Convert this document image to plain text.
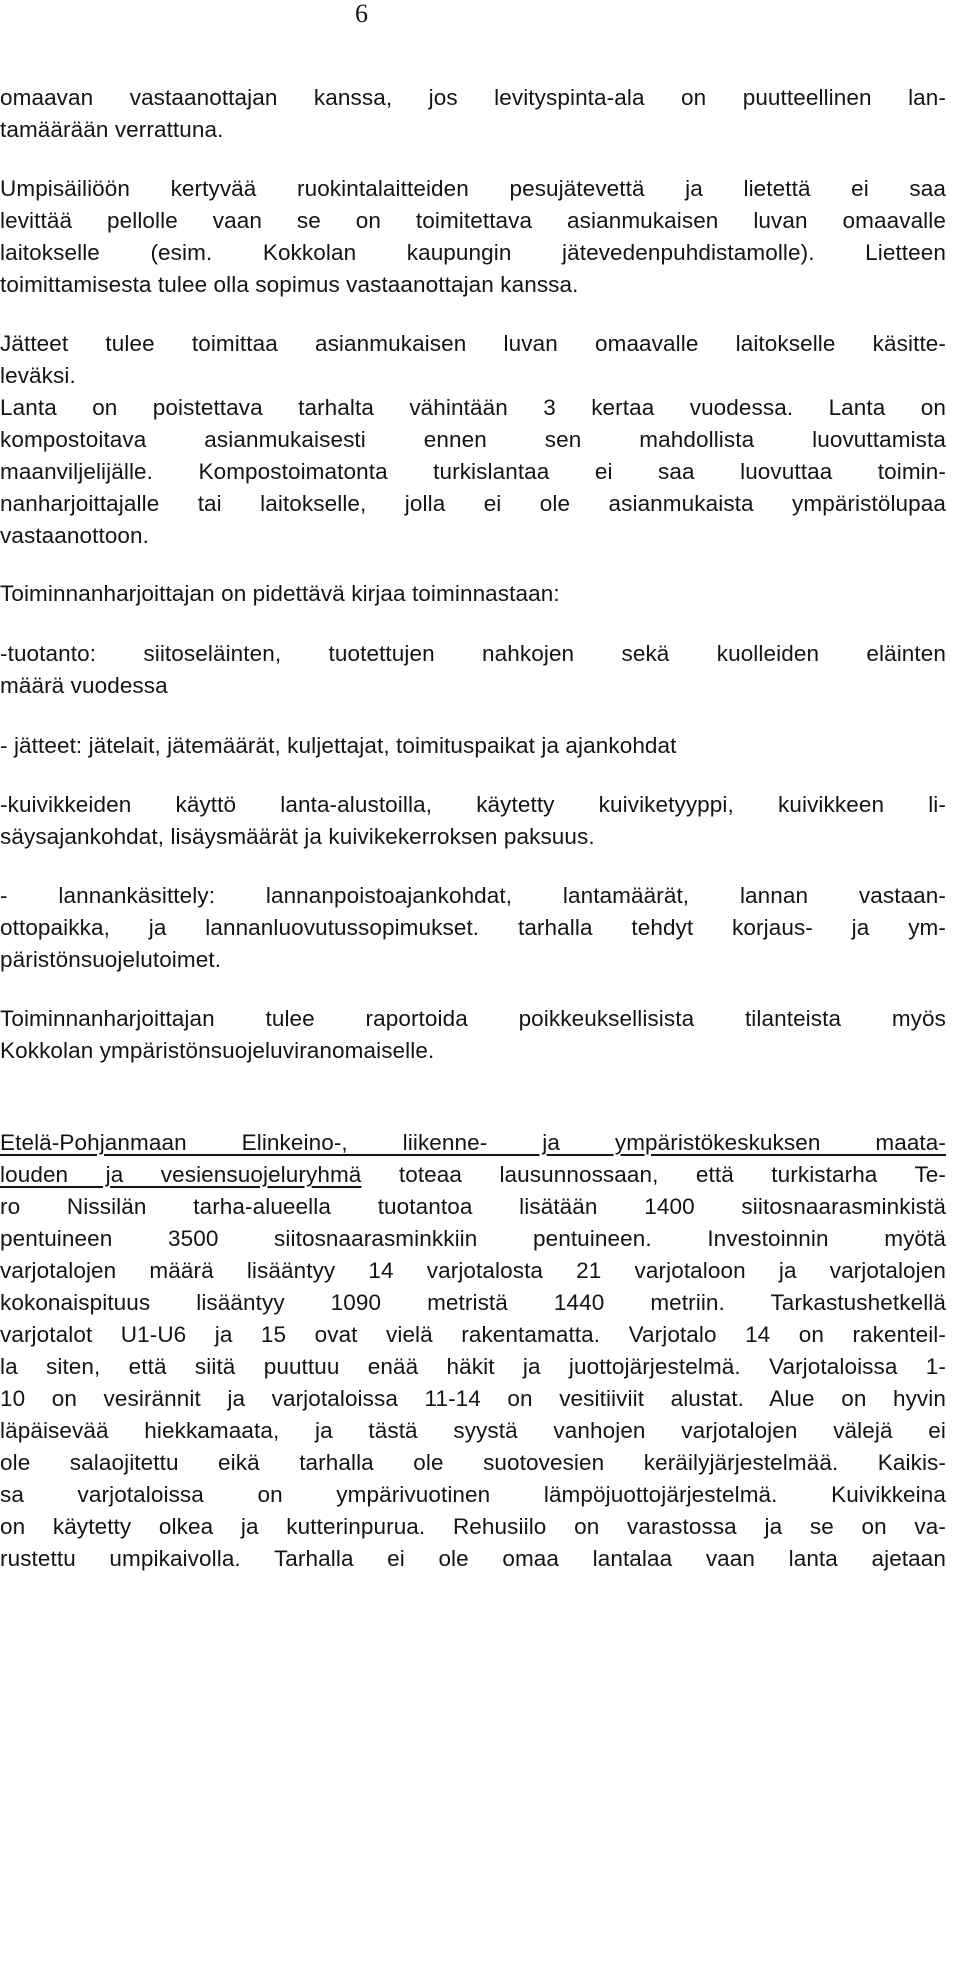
6
omaavan vastaanottajan kanssa, jos levityspinta-ala on puutteellinen lan-
tamäärään verrattuna.
Umpisäiliöön kertyvää ruokintalaitteiden pesujätevettä ja lietettä ei saa
levittää pellolle vaan se on toimitettava asianmukaisen luvan omaavalle
laitokselle (esim. Kokkolan kaupungin jätevedenpuhdistamolle). Lietteen
toimittamisesta tulee olla sopimus vastaanottajan kanssa.
Jätteet tulee toimittaa asianmukaisen luvan omaavalle laitokselle käsitte-
leväksi.
Lanta on poistettava tarhalta vähintään 3 kertaa vuodessa. Lanta on
kompostoitava asianmukaisesti ennen sen mahdollista luovuttamista
maanviljelijälle. Kompostoimatonta turkislantaa ei saa luovuttaa toimin-
nanharjoittajalle tai laitokselle, jolla ei ole asianmukaista ympäristölupaa
vastaanottoon.
Toiminnanharjoittajan on pidettävä kirjaa toiminnastaan:
-tuotanto: siitoseläinten, tuotettujen nahkojen sekä kuolleiden eläinten
määrä vuodessa
- jätteet: jätelait, jätemäärät, kuljettajat, toimituspaikat ja ajankohdat
-kuivikkeiden käyttö lanta-alustoilla, käytetty kuiviketyyppi, kuivikkeen li-
säysajankohdat, lisäysmäärät ja kuivikekerroksen paksuus.
- lannankäsittely: lannanpoistoajankohdat, lantamäärät, lannan vastaan-
ottopaikka, ja lannanluovutussopimukset. tarhalla tehdyt korjaus- ja ym-
päristönsuojelutoimet.
Toiminnanharjoittajan tulee raportoida poikkeuksellisista tilanteista myös
Kokkolan ympäristönsuojeluviranomaiselle.
Etelä-Pohjanmaan Elinkeino-, liikenne- ja ympäristökeskuksen maata-
louden ja vesiensuojeluryhmä toteaa lausunnossaan, että turkistarha Te-
ro Nissilän tarha-alueella tuotantoa lisätään 1400 siitosnaarasminkistä
pentuineen 3500 siitosnaarasminkkiin pentuineen. Investoinnin myötä
varjotalojen määrä lisääntyy 14 varjotalosta 21 varjotaloon ja varjotalojen
kokonaispituus lisääntyy 1090 metristä 1440 metriin. Tarkastushetkellä
varjotalot U1-U6 ja 15 ovat vielä rakentamatta. Varjotalo 14 on rakenteil-
la siten, että siitä puuttuu enää häkit ja juottojärjestelmä. Varjotaloissa 1-
10 on vesirännit ja varjotaloissa 11-14 on vesitiiviit alustat. Alue on hyvin
läpäisevää hiekkamaata, ja tästä syystä vanhojen varjotalojen välejä ei
ole salaojitettu eikä tarhalla ole suotovesien keräilyjärjestelmää. Kaikis-
sa varjotaloissa on ympärivuotinen lämpöjuottojärjestelmä. Kuivikkeina
on käytetty olkea ja kutterinpurua. Rehusiilo on varastossa ja se on va-
rustettu umpikaivolla. Tarhalla ei ole omaa lantalaa vaan lanta ajetaan
